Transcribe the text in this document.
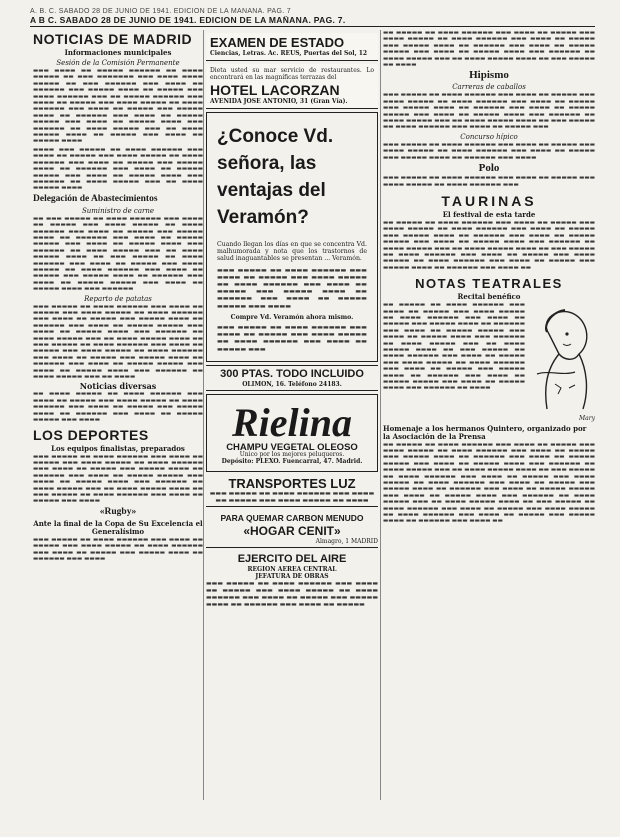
A. B. C. SABADO 28 DE JUNIO DE 1941. EDICION DE LA MAÑANA. PAG. 7
A B C. SABADO 28 DE JUNIO DE 1941. EDICION DE LA MAÑANA. PAG. 7.
NOTICIAS DE MADRID
Informaciones municipales
Sesión de la Comisión Permanente

▬▬▬ ▬▬▬▬ ▬▬ ▬▬▬▬▬ ▬▬▬▬▬▬ ▬▬ ▬▬▬▬ ▬▬▬▬▬ ▬▬ ▬▬▬ ▬▬▬▬▬▬▬ ▬▬▬ ▬▬▬▬ ▬▬▬▬ ▬▬▬▬▬ ▬▬ ▬▬▬ ▬▬▬▬▬▬ ▬▬▬ ▬▬▬▬ ▬▬ ▬▬▬▬▬▬ ▬▬▬ ▬▬▬▬▬ ▬▬▬▬ ▬▬ ▬▬▬▬▬ ▬▬▬ ▬▬▬▬ ▬▬▬▬▬▬ ▬▬▬ ▬▬ ▬▬▬▬▬ ▬▬▬▬▬▬ ▬▬▬ ▬▬▬▬ ▬▬ ▬▬▬▬▬ ▬▬▬ ▬▬▬▬ ▬▬▬▬▬ ▬▬ ▬▬▬▬ ▬▬▬▬▬▬ ▬▬▬ ▬▬▬▬ ▬▬ ▬▬▬▬▬ ▬▬▬ ▬▬▬▬▬ ▬▬▬▬ ▬▬ ▬▬▬▬▬▬ ▬▬▬ ▬▬▬▬ ▬▬ ▬▬▬▬▬ ▬▬▬▬▬ ▬▬▬ ▬▬▬▬ ▬▬ ▬▬▬▬▬ ▬▬▬▬ ▬▬▬ ▬▬▬▬▬▬ ▬▬ ▬▬▬▬ ▬▬▬▬▬ ▬▬▬ ▬▬ ▬▬▬▬ ▬▬▬▬▬ ▬▬▬▬ ▬▬ ▬▬▬▬▬ ▬▬▬ ▬▬▬▬ ▬▬ ▬▬▬▬▬ ▬▬▬▬

▬▬▬▬ ▬▬▬ ▬▬▬▬▬ ▬▬ ▬▬▬▬ ▬▬▬▬▬▬ ▬▬▬ ▬▬▬▬ ▬▬ ▬▬▬▬▬ ▬▬▬ ▬▬▬▬ ▬▬▬▬▬ ▬▬ ▬▬▬▬ ▬▬▬▬▬▬ ▬▬▬ ▬▬▬▬ ▬▬ ▬▬▬▬▬ ▬▬▬ ▬▬▬▬▬ ▬▬▬▬ ▬▬ ▬▬▬▬▬▬ ▬▬▬ ▬▬▬▬ ▬▬ ▬▬▬▬▬ ▬▬▬▬▬ ▬▬▬ ▬▬▬▬ ▬▬ ▬▬▬▬▬ ▬▬▬▬ ▬▬▬ ▬▬▬▬▬▬ ▬▬ ▬▬▬▬ ▬▬▬▬▬ ▬▬▬ ▬▬ ▬▬▬▬ ▬▬▬▬▬ ▬▬▬▬

Delegación de Abastecimientos
Suministro de carne

▬▬ ▬▬▬ ▬▬▬▬▬ ▬▬ ▬▬▬▬ ▬▬▬▬▬▬ ▬▬▬ ▬▬▬▬ ▬▬ ▬▬▬▬▬ ▬▬▬ ▬▬▬▬ ▬▬▬▬▬ ▬▬ ▬▬▬▬ ▬▬▬▬▬▬ ▬▬▬ ▬▬▬▬ ▬▬ ▬▬▬▬▬ ▬▬▬ ▬▬▬▬▬ ▬▬▬▬ ▬▬ ▬▬▬▬▬▬ ▬▬▬ ▬▬▬▬ ▬▬ ▬▬▬▬▬ ▬▬▬▬▬ ▬▬▬ ▬▬▬▬ ▬▬ ▬▬▬▬▬ ▬▬▬▬ ▬▬▬ ▬▬▬▬▬▬ ▬▬ ▬▬▬▬ ▬▬▬▬▬ ▬▬▬ ▬▬ ▬▬▬▬ ▬▬▬▬▬ ▬▬▬▬ ▬▬ ▬▬▬ ▬▬▬▬▬ ▬▬ ▬▬▬▬ ▬▬▬▬▬▬ ▬▬▬ ▬▬▬▬ ▬▬ ▬▬▬▬▬ ▬▬▬ ▬▬▬▬ ▬▬▬▬▬ ▬▬ ▬▬▬▬ ▬▬▬▬▬▬ ▬▬▬ ▬▬▬▬ ▬▬ ▬▬▬▬▬ ▬▬▬ ▬▬▬▬▬ ▬▬▬▬ ▬▬ ▬▬▬▬▬▬ ▬▬▬ ▬▬▬▬ ▬▬ ▬▬▬▬▬ ▬▬▬▬▬ ▬▬▬ ▬▬▬▬ ▬▬ ▬▬▬▬▬ ▬▬▬▬ ▬▬▬ ▬▬▬▬▬▬

Reparto de patatas

▬▬▬ ▬▬▬▬▬ ▬▬ ▬▬▬▬ ▬▬▬▬▬▬ ▬▬▬ ▬▬▬▬ ▬▬ ▬▬▬▬▬ ▬▬▬ ▬▬▬▬ ▬▬▬▬▬ ▬▬ ▬▬▬▬ ▬▬▬▬▬▬ ▬▬▬ ▬▬▬▬ ▬▬ ▬▬▬▬▬ ▬▬▬ ▬▬▬▬▬ ▬▬▬▬ ▬▬ ▬▬▬▬▬▬ ▬▬▬ ▬▬▬▬ ▬▬ ▬▬▬▬▬ ▬▬▬▬▬ ▬▬▬ ▬▬▬▬ ▬▬ ▬▬▬▬▬ ▬▬▬▬ ▬▬▬ ▬▬▬▬▬▬ ▬▬ ▬▬▬▬ ▬▬▬▬▬ ▬▬▬ ▬▬ ▬▬▬▬ ▬▬▬▬▬ ▬▬▬▬ ▬▬ ▬▬▬ ▬▬▬▬▬ ▬▬ ▬▬▬▬ ▬▬▬▬▬▬ ▬▬▬ ▬▬▬▬ ▬▬ ▬▬▬▬▬ ▬▬▬ ▬▬▬▬ ▬▬▬▬▬ ▬▬ ▬▬▬▬ ▬▬▬▬▬▬ ▬▬▬ ▬▬▬▬ ▬▬ ▬▬▬▬▬ ▬▬▬ ▬▬▬▬▬ ▬▬▬▬ ▬▬ ▬▬▬▬▬▬ ▬▬▬ ▬▬▬▬ ▬▬ ▬▬▬▬▬ ▬▬▬▬▬ ▬▬▬ ▬▬▬▬ ▬▬ ▬▬▬▬▬ ▬▬▬▬ ▬▬▬ ▬▬▬▬▬▬ ▬▬ ▬▬▬▬ ▬▬▬▬▬ ▬▬▬ ▬▬ ▬▬▬▬

Noticias diversas

▬▬ ▬▬▬▬ ▬▬▬▬▬ ▬▬ ▬▬▬▬ ▬▬▬▬▬▬ ▬▬▬ ▬▬▬▬ ▬▬ ▬▬▬▬▬ ▬▬▬ ▬▬▬▬ ▬▬▬▬▬ ▬▬ ▬▬▬▬ ▬▬▬▬▬▬ ▬▬▬ ▬▬▬▬ ▬▬ ▬▬▬▬▬ ▬▬▬ ▬▬▬▬▬ ▬▬▬▬ ▬▬ ▬▬▬▬▬▬ ▬▬▬ ▬▬▬▬ ▬▬ ▬▬▬▬▬ ▬▬▬▬▬ ▬▬▬ ▬▬▬▬

LOS DEPORTES
Los equipos finalistas, preparados

▬▬▬ ▬▬▬▬▬ ▬▬ ▬▬▬▬ ▬▬▬▬▬▬ ▬▬▬ ▬▬▬▬ ▬▬ ▬▬▬▬▬ ▬▬▬ ▬▬▬▬ ▬▬▬▬▬ ▬▬ ▬▬▬▬ ▬▬▬▬▬▬ ▬▬▬ ▬▬▬▬ ▬▬ ▬▬▬▬▬ ▬▬▬ ▬▬▬▬▬ ▬▬▬▬ ▬▬ ▬▬▬▬▬▬ ▬▬▬ ▬▬▬▬ ▬▬ ▬▬▬▬▬ ▬▬▬▬▬ ▬▬▬ ▬▬▬▬ ▬▬ ▬▬▬▬▬ ▬▬▬▬ ▬▬▬ ▬▬▬▬▬▬ ▬▬ ▬▬▬▬ ▬▬▬▬▬ ▬▬▬ ▬▬ ▬▬▬▬ ▬▬▬▬▬ ▬▬▬▬ ▬▬ ▬▬▬ ▬▬▬▬▬ ▬▬ ▬▬▬▬ ▬▬▬▬▬▬ ▬▬▬ ▬▬▬▬ ▬▬ ▬▬▬▬▬ ▬▬▬ ▬▬▬▬

«Rugby»
Ante la final de la Copa de Su Excelencia el Generalísimo

▬▬▬ ▬▬▬▬▬ ▬▬ ▬▬▬▬ ▬▬▬▬▬▬ ▬▬▬ ▬▬▬▬ ▬▬ ▬▬▬▬▬ ▬▬▬ ▬▬▬▬ ▬▬▬▬▬ ▬▬ ▬▬▬▬ ▬▬▬▬▬▬ ▬▬▬ ▬▬▬▬ ▬▬ ▬▬▬▬▬ ▬▬▬ ▬▬▬▬▬ ▬▬▬▬ ▬▬ ▬▬▬▬▬▬ ▬▬▬ ▬▬▬▬

EXAMEN DE ESTADO
Ciencias, Letras. Ac. REUS, Puertas del Sol, 12
Dieta usted su mar servicio de restaurantes. Lo encontrará en las magníficas terrazas del
HOTEL LACORZAN
AVENIDA JOSE ANTONIO, 31 (Gran Vía).
¿Conoce Vd.
señora, las
ventajas del
Veramón?
Cuando llegan los días en que se concentra Vd. malhumorada y nota que los trastornos de salud inaguantables se presentan ... Veramón.
▬▬▬ ▬▬▬▬▬ ▬▬ ▬▬▬▬ ▬▬▬▬▬▬ ▬▬▬ ▬▬▬▬ ▬▬ ▬▬▬▬▬ ▬▬▬ ▬▬▬▬ ▬▬▬▬▬ ▬▬ ▬▬▬▬ ▬▬▬▬▬▬ ▬▬▬ ▬▬▬▬ ▬▬ ▬▬▬▬▬ ▬▬▬ ▬▬▬▬▬ ▬▬▬▬ ▬▬ ▬▬▬▬▬▬ ▬▬▬ ▬▬▬▬ ▬▬ ▬▬▬▬▬ ▬▬▬▬▬ ▬▬▬ ▬▬▬▬
Compre Vd. Veramón ahora mismo.
▬▬▬ ▬▬▬▬▬ ▬▬ ▬▬▬▬ ▬▬▬▬▬▬ ▬▬▬ ▬▬▬▬ ▬▬ ▬▬▬▬▬ ▬▬▬ ▬▬▬▬ ▬▬▬▬▬ ▬▬ ▬▬▬▬ ▬▬▬▬▬▬ ▬▬▬ ▬▬▬▬ ▬▬ ▬▬▬▬▬ ▬▬▬
300 PTAS. TODO INCLUIDO
OLIMON, 16. Teléfono 24183.
Rielina
CHAMPU VEGETAL OLEOSO
Unico por los mejores peluqueros.
Depósito: PLEXO. Fuencarral, 47. Madrid.
TRANSPORTES LUZ
▬▬▬ ▬▬▬▬▬ ▬▬ ▬▬▬▬ ▬▬▬▬▬▬ ▬▬▬ ▬▬▬▬ ▬▬ ▬▬▬▬▬ ▬▬▬ ▬▬▬▬ ▬▬▬▬▬ ▬▬ ▬▬▬▬
PARA QUEMAR CARBON MENUDO
«HOGAR CENIT»
Almagro, 1 MADRID
EJERCITO DEL AIRE
REGION AEREA CENTRAL
JEFATURA DE OBRAS
▬▬▬ ▬▬▬▬▬ ▬▬ ▬▬▬▬ ▬▬▬▬▬▬ ▬▬▬ ▬▬▬▬ ▬▬ ▬▬▬▬▬ ▬▬▬ ▬▬▬▬ ▬▬▬▬▬ ▬▬ ▬▬▬▬ ▬▬▬▬▬▬ ▬▬▬ ▬▬▬▬ ▬▬ ▬▬▬▬▬ ▬▬▬ ▬▬▬▬▬ ▬▬▬▬ ▬▬ ▬▬▬▬▬▬ ▬▬▬ ▬▬▬▬ ▬▬ ▬▬▬▬▬

▬▬ ▬▬▬▬▬ ▬▬ ▬▬▬▬ ▬▬▬▬▬▬ ▬▬▬ ▬▬▬▬ ▬▬ ▬▬▬▬▬ ▬▬▬ ▬▬▬▬ ▬▬▬▬▬ ▬▬ ▬▬▬▬ ▬▬▬▬▬▬ ▬▬▬ ▬▬▬▬ ▬▬ ▬▬▬▬▬ ▬▬▬ ▬▬▬▬▬ ▬▬▬▬ ▬▬ ▬▬▬▬▬▬ ▬▬▬ ▬▬▬▬ ▬▬ ▬▬▬▬▬ ▬▬▬▬▬ ▬▬▬ ▬▬▬▬ ▬▬ ▬▬▬▬▬ ▬▬▬▬ ▬▬▬ ▬▬▬▬▬▬ ▬▬ ▬▬▬▬ ▬▬▬▬▬ ▬▬▬ ▬▬ ▬▬▬▬ ▬▬▬▬▬ ▬▬▬▬ ▬▬ ▬▬▬ ▬▬▬▬▬ ▬▬ ▬▬▬▬

Hipismo
Carreras de caballos

▬▬▬ ▬▬▬▬▬ ▬▬ ▬▬▬▬ ▬▬▬▬▬▬ ▬▬▬ ▬▬▬▬ ▬▬ ▬▬▬▬▬ ▬▬▬ ▬▬▬▬ ▬▬▬▬▬ ▬▬ ▬▬▬▬ ▬▬▬▬▬▬ ▬▬▬ ▬▬▬▬ ▬▬ ▬▬▬▬▬ ▬▬▬ ▬▬▬▬▬ ▬▬▬▬ ▬▬ ▬▬▬▬▬▬ ▬▬▬ ▬▬▬▬ ▬▬ ▬▬▬▬▬ ▬▬▬▬▬ ▬▬▬ ▬▬▬▬ ▬▬ ▬▬▬▬▬ ▬▬▬▬ ▬▬▬ ▬▬▬▬▬▬ ▬▬ ▬▬▬▬ ▬▬▬▬▬ ▬▬▬ ▬▬ ▬▬▬▬ ▬▬▬▬▬ ▬▬▬▬ ▬▬ ▬▬▬ ▬▬▬▬▬ ▬▬ ▬▬▬▬ ▬▬▬▬▬▬ ▬▬▬ ▬▬▬▬ ▬▬ ▬▬▬▬▬ ▬▬▬

Concurso hípico

▬▬▬ ▬▬▬▬▬ ▬▬ ▬▬▬▬ ▬▬▬▬▬▬ ▬▬▬ ▬▬▬▬ ▬▬ ▬▬▬▬▬ ▬▬▬ ▬▬▬▬ ▬▬▬▬▬ ▬▬ ▬▬▬▬ ▬▬▬▬▬▬ ▬▬▬ ▬▬▬▬ ▬▬ ▬▬▬▬▬ ▬▬▬ ▬▬▬▬▬ ▬▬▬▬ ▬▬ ▬▬▬▬▬▬ ▬▬▬ ▬▬▬▬

Polo

▬▬▬ ▬▬▬▬▬ ▬▬ ▬▬▬▬ ▬▬▬▬▬▬ ▬▬▬ ▬▬▬▬ ▬▬ ▬▬▬▬▬ ▬▬▬ ▬▬▬▬ ▬▬▬▬▬ ▬▬ ▬▬▬▬ ▬▬▬▬▬▬ ▬▬▬

TAURINAS
El festival de esta tarde

▬▬ ▬▬▬▬▬ ▬▬ ▬▬▬▬ ▬▬▬▬▬▬ ▬▬▬ ▬▬▬▬ ▬▬ ▬▬▬▬▬ ▬▬▬ ▬▬▬▬ ▬▬▬▬▬ ▬▬ ▬▬▬▬ ▬▬▬▬▬▬ ▬▬▬ ▬▬▬▬ ▬▬ ▬▬▬▬▬ ▬▬▬ ▬▬▬▬▬ ▬▬▬▬ ▬▬ ▬▬▬▬▬▬ ▬▬▬ ▬▬▬▬ ▬▬ ▬▬▬▬▬ ▬▬▬▬▬ ▬▬▬ ▬▬▬▬ ▬▬ ▬▬▬▬▬ ▬▬▬▬ ▬▬▬ ▬▬▬▬▬▬ ▬▬ ▬▬▬▬ ▬▬▬▬▬ ▬▬▬ ▬▬ ▬▬▬▬ ▬▬▬▬▬ ▬▬▬▬ ▬▬ ▬▬▬ ▬▬▬▬▬ ▬▬ ▬▬▬▬ ▬▬▬▬▬▬ ▬▬▬ ▬▬▬▬ ▬▬ ▬▬▬▬▬ ▬▬▬ ▬▬▬▬ ▬▬▬▬▬ ▬▬ ▬▬▬▬ ▬▬▬▬▬▬ ▬▬▬ ▬▬▬▬ ▬▬ ▬▬▬▬▬ ▬▬▬ ▬▬▬▬▬ ▬▬▬▬ ▬▬ ▬▬▬▬▬▬ ▬▬▬ ▬▬▬▬ ▬▬

NOTAS TEATRALES
Recital benéfico

▬▬ ▬▬▬▬▬ ▬▬ ▬▬▬▬ ▬▬▬▬▬▬ ▬▬▬ ▬▬▬▬ ▬▬ ▬▬▬▬▬ ▬▬▬ ▬▬▬▬ ▬▬▬▬▬ ▬▬ ▬▬▬▬ ▬▬▬▬▬▬ ▬▬▬ ▬▬▬▬ ▬▬ ▬▬▬▬▬ ▬▬▬ ▬▬▬▬▬ ▬▬▬▬ ▬▬ ▬▬▬▬▬▬ ▬▬▬ ▬▬▬▬ ▬▬ ▬▬▬▬▬ ▬▬▬▬▬ ▬▬▬ ▬▬▬▬ ▬▬ ▬▬▬▬▬ ▬▬▬▬ ▬▬▬ ▬▬▬▬▬▬ ▬▬ ▬▬▬▬ ▬▬▬▬▬ ▬▬▬ ▬▬ ▬▬▬▬ ▬▬▬▬▬ ▬▬▬▬ ▬▬ ▬▬▬ ▬▬▬▬▬ ▬▬ ▬▬▬▬ ▬▬▬▬▬▬ ▬▬▬ ▬▬▬▬ ▬▬ ▬▬▬▬▬ ▬▬▬ ▬▬▬▬ ▬▬▬▬▬ ▬▬ ▬▬▬▬ ▬▬▬▬▬▬ ▬▬▬ ▬▬▬▬ ▬▬ ▬▬▬▬▬ ▬▬▬ ▬▬▬▬▬ ▬▬▬▬ ▬▬ ▬▬▬▬▬▬ ▬▬▬ ▬▬▬▬ ▬▬ ▬▬▬▬▬ ▬▬▬▬▬ ▬▬▬ ▬▬▬▬ ▬▬ ▬▬▬▬▬ ▬▬▬▬ ▬▬▬ ▬▬▬▬▬▬ ▬▬ ▬▬▬▬

Mary
Homenaje a los hermanos Quintero, organizado por la Asociación de la Prensa

▬▬ ▬▬▬▬▬ ▬▬ ▬▬▬▬ ▬▬▬▬▬▬ ▬▬▬ ▬▬▬▬ ▬▬ ▬▬▬▬▬ ▬▬▬ ▬▬▬▬ ▬▬▬▬▬ ▬▬ ▬▬▬▬ ▬▬▬▬▬▬ ▬▬▬ ▬▬▬▬ ▬▬ ▬▬▬▬▬ ▬▬▬ ▬▬▬▬▬ ▬▬▬▬ ▬▬ ▬▬▬▬▬▬ ▬▬▬ ▬▬▬▬ ▬▬ ▬▬▬▬▬ ▬▬▬▬▬ ▬▬▬ ▬▬▬▬ ▬▬ ▬▬▬▬▬ ▬▬▬▬ ▬▬▬ ▬▬▬▬▬▬ ▬▬ ▬▬▬▬ ▬▬▬▬▬ ▬▬▬ ▬▬ ▬▬▬▬ ▬▬▬▬▬ ▬▬▬▬ ▬▬ ▬▬▬ ▬▬▬▬▬ ▬▬ ▬▬▬▬ ▬▬▬▬▬▬ ▬▬▬ ▬▬▬▬ ▬▬ ▬▬▬▬▬ ▬▬▬ ▬▬▬▬ ▬▬▬▬▬ ▬▬ ▬▬▬▬ ▬▬▬▬▬▬ ▬▬▬ ▬▬▬▬ ▬▬ ▬▬▬▬▬ ▬▬▬ ▬▬▬▬▬ ▬▬▬▬ ▬▬ ▬▬▬▬▬▬ ▬▬▬ ▬▬▬▬ ▬▬ ▬▬▬▬▬ ▬▬▬▬▬ ▬▬▬ ▬▬▬▬ ▬▬ ▬▬▬▬▬ ▬▬▬▬ ▬▬▬ ▬▬▬▬▬▬ ▬▬ ▬▬▬▬ ▬▬▬▬▬ ▬▬▬ ▬▬ ▬▬▬▬ ▬▬▬▬▬ ▬▬▬▬ ▬▬ ▬▬▬ ▬▬▬▬▬ ▬▬ ▬▬▬▬ ▬▬▬▬▬▬ ▬▬▬ ▬▬▬▬ ▬▬ ▬▬▬▬▬ ▬▬▬ ▬▬▬▬ ▬▬▬▬▬ ▬▬ ▬▬▬▬ ▬▬▬▬▬▬ ▬▬▬ ▬▬▬▬ ▬▬ ▬▬▬▬▬ ▬▬▬ ▬▬▬▬▬ ▬▬▬▬ ▬▬ ▬▬▬▬▬▬ ▬▬▬ ▬▬▬▬ ▬▬
